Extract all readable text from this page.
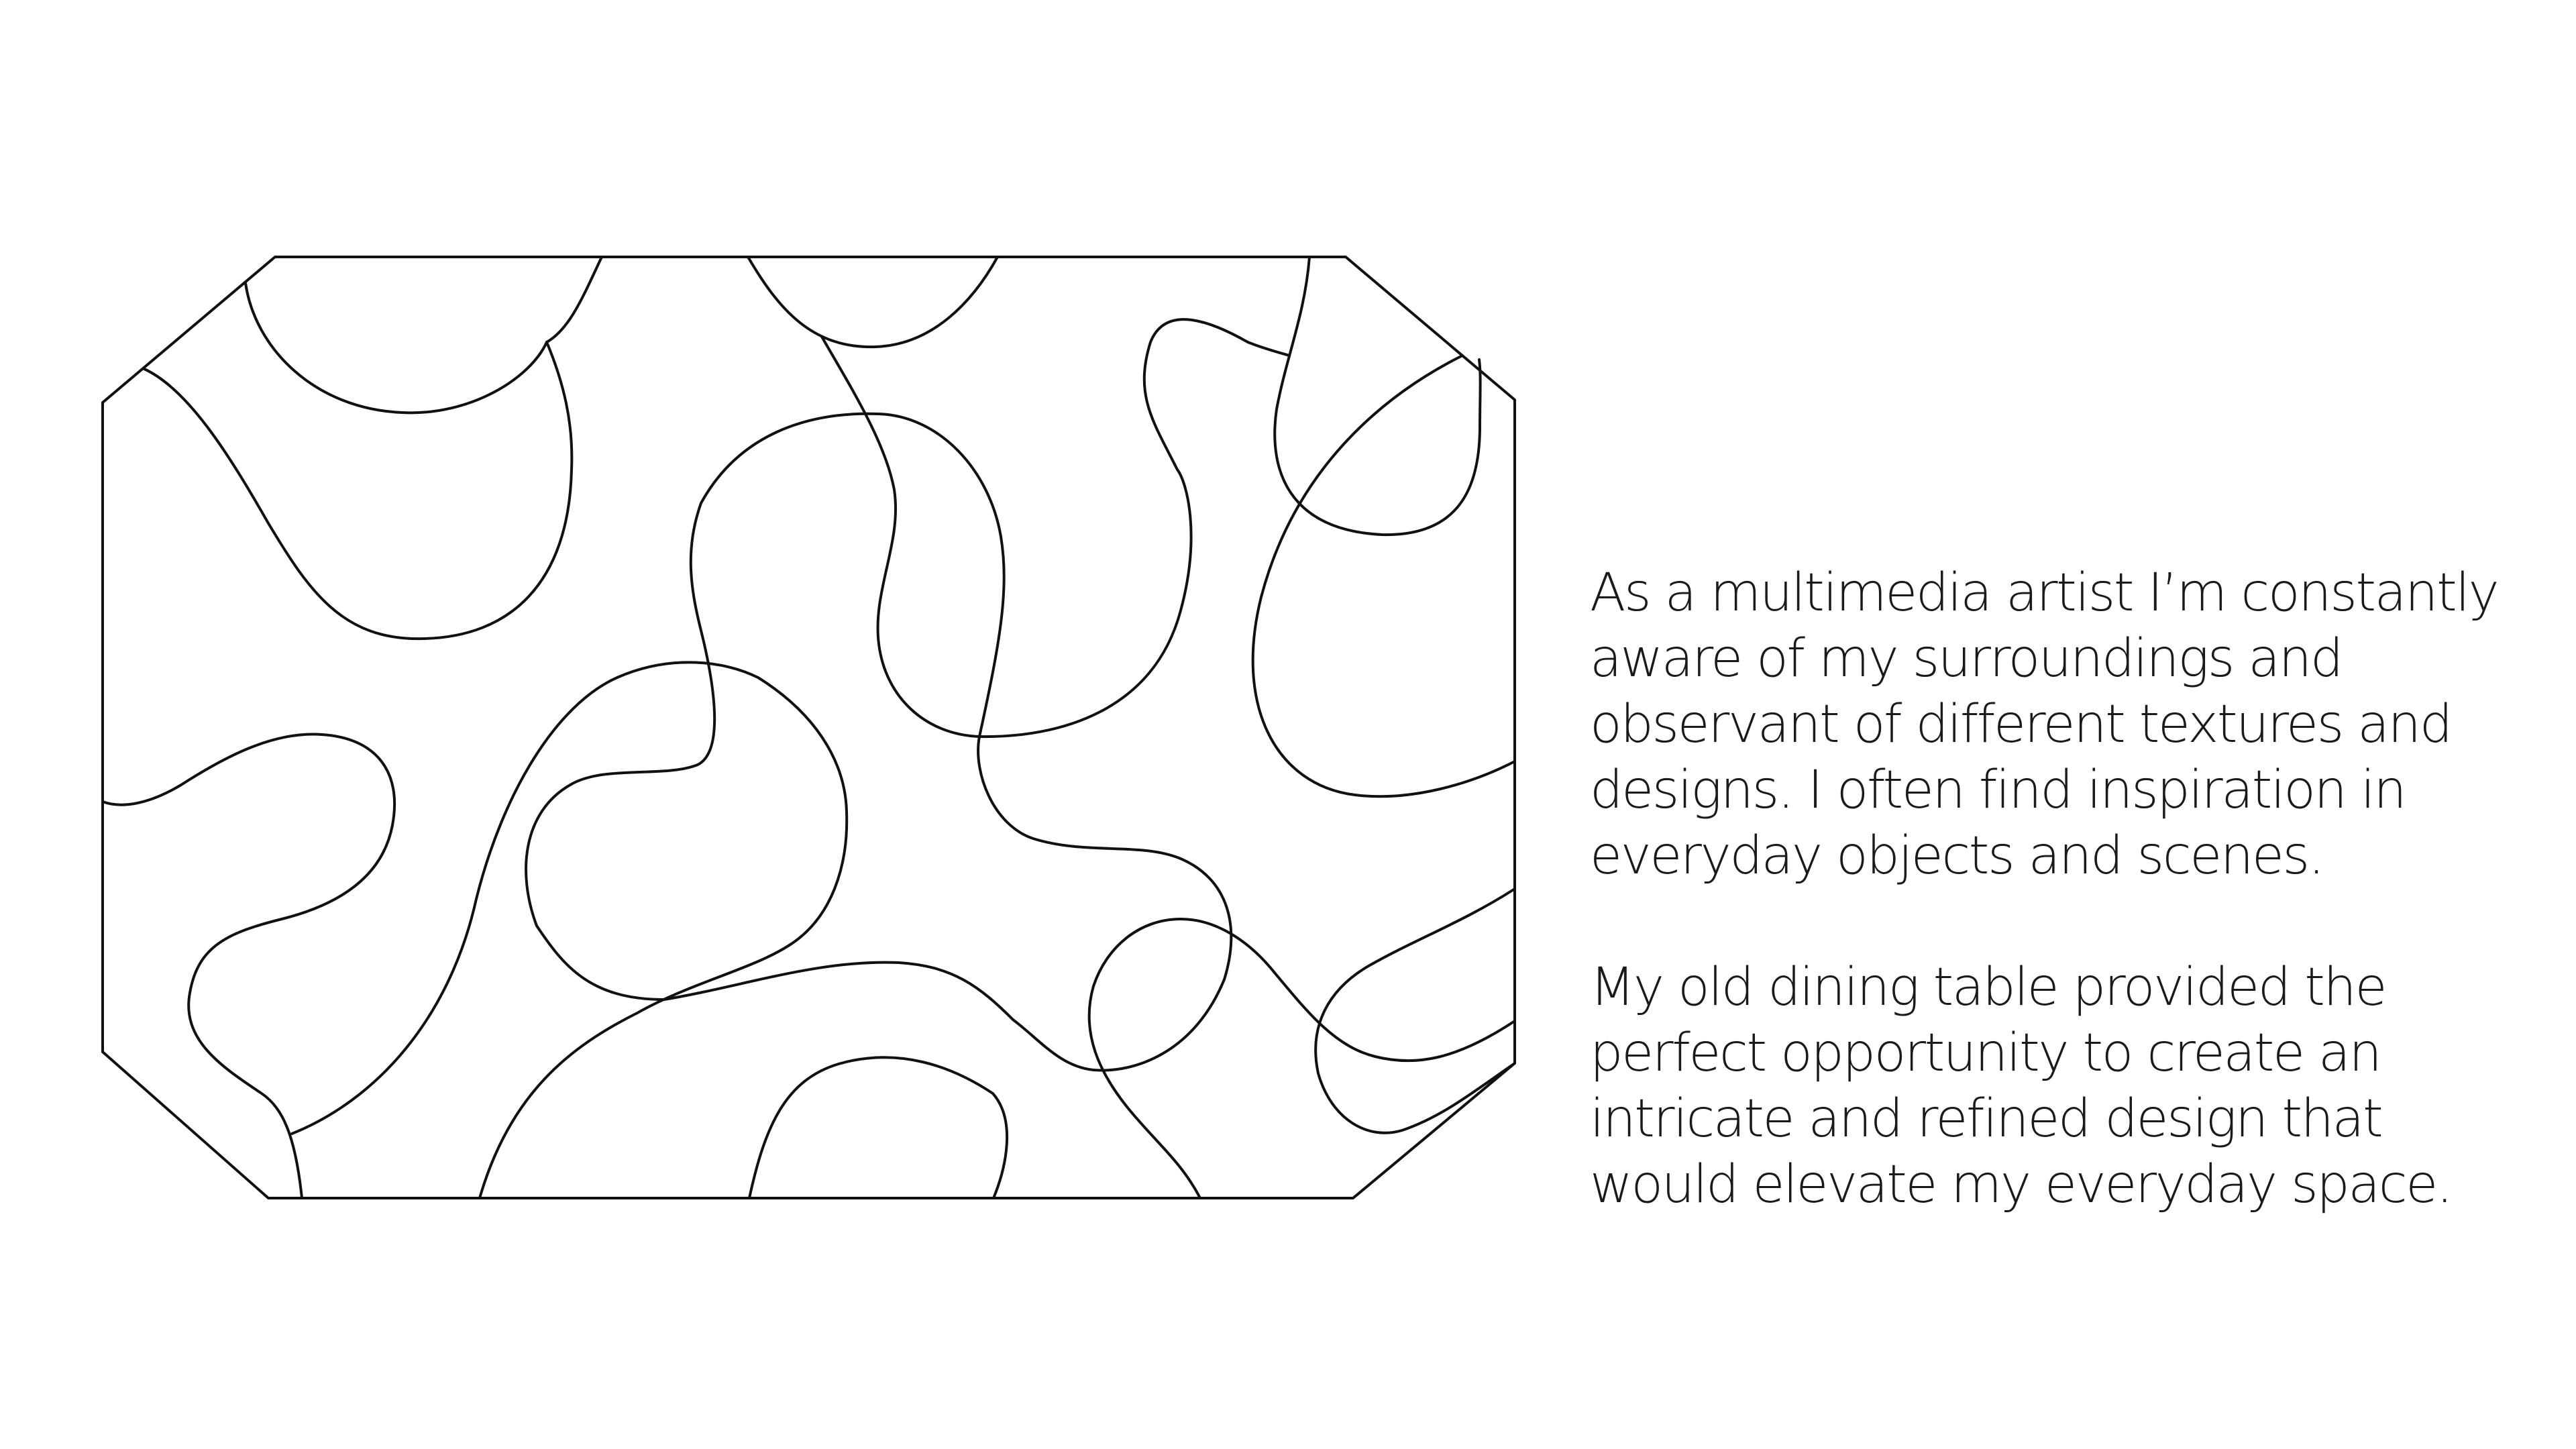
As a multimedia artist I’m constantly
aware of my surroundings and
observant of different textures and
designs. I often find inspiration in
everyday objects and scenes.

My old dining table provided the
perfect opportunity to create an
intricate and refined design that
would elevate my everyday space.
